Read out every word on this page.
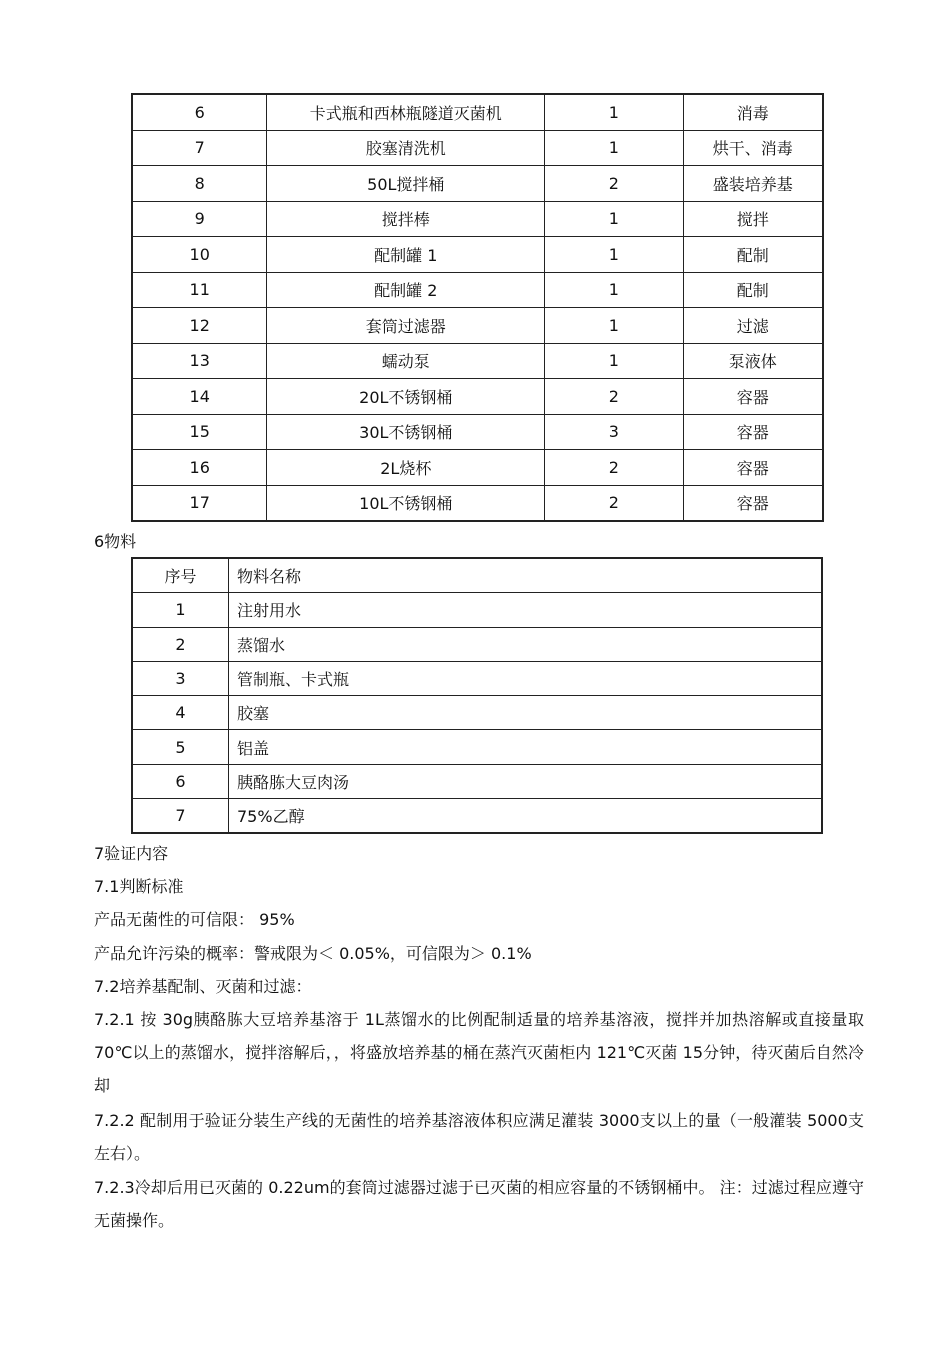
6	卡式瓶和西林瓶隧道灭菌机	1	消毒
7	胶塞清洗机	1	烘干、消毒
8	50L搅拌桶	2	盛装培养基
9	搅拌棒	1	搅拌
10	配制罐 1	1	配制
11	配制罐 2	1	配制
12	套筒过滤器	1	过滤
13	蠕动泵	1	泵液体
14	20L不锈钢桶	2	容器
15	30L不锈钢桶	3	容器
16	2L烧杯	2	容器
17	10L不锈钢桶	2	容器
6物料
序号	物料名称
1	注射用水
2	蒸馏水
3	管制瓶、卡式瓶
4	胶塞
5	铝盖
6	胰酪胨大豆肉汤
7	75%乙醇
7验证内容
7.1判断标准
产品无菌性的可信限： 95%
产品允许污染的概率：警戒限为＜ 0.05%，可信限为＞ 0.1%
7.2培养基配制、灭菌和过滤：
7.2.1 按 30g胰酪胨大豆培养基溶于 1L蒸馏水的比例配制适量的培养基溶液，搅拌并加热溶解或直接量取 70℃以上的蒸馏水，搅拌溶解后，，将盛放培养基的桶在蒸汽灭菌柜内 121℃灭菌 15分钟，待灭菌后自然冷却
7.2.2 配制用于验证分装生产线的无菌性的培养基溶液体积应满足灌装 3000支以上的量（一般灌装 5000支左右）。
7.2.3冷却后用已灭菌的 0.22um的套筒过滤器过滤于已灭菌的相应容量的不锈钢桶中。 注：过滤过程应遵守无菌操作。
